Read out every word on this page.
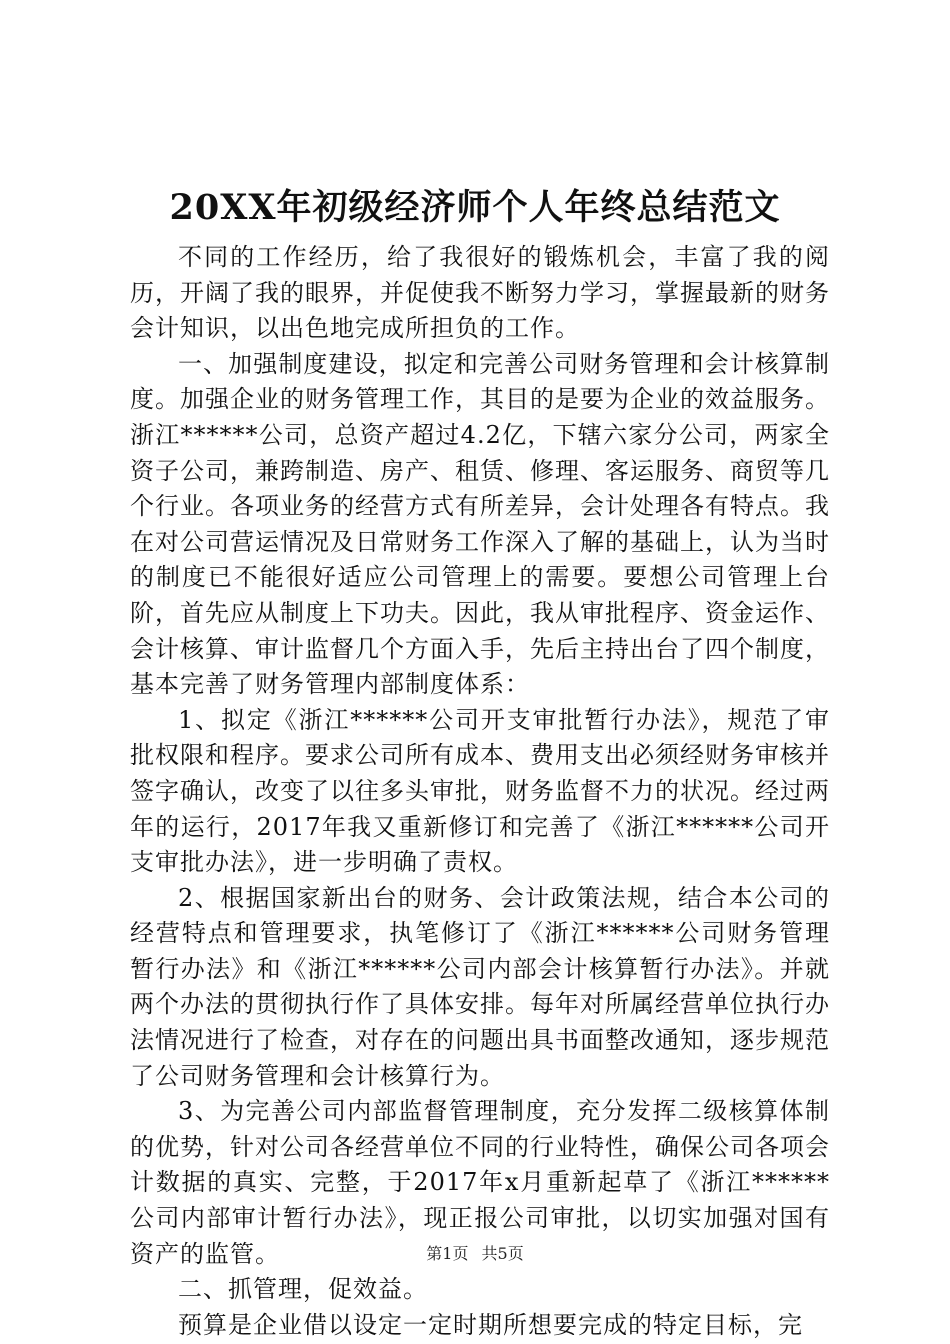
20XX年初级经济师个人年终总结范文

不同的工作经历，给了我很好的锻炼机会，丰富了我的阅历，开阔了我的眼界，并促使我不断努力学习，掌握最新的财务会计知识，以出色地完成所担负的工作。

一、加强制度建设，拟定和完善公司财务管理和会计核算制度。加强企业的财务管理工作，其目的是要为企业的效益服务。浙江******公司，总资产超过4.2亿，下辖六家分公司，两家全资子公司，兼跨制造、房产、租赁、修理、客运服务、商贸等几个行业。各项业务的经营方式有所差异，会计处理各有特点。我在对公司营运情况及日常财务工作深入了解的基础上，认为当时的制度已不能很好适应公司管理上的需要。要想公司管理上台阶，首先应从制度上下功夫。因此，我从审批程序、资金运作、会计核算、审计监督几个方面入手，先后主持出台了四个制度，基本完善了财务管理内部制度体系：

1、拟定《浙江******公司开支审批暂行办法》，规范了审批权限和程序。要求公司所有成本、费用支出必须经财务审核并签字确认，改变了以往多头审批，财务监督不力的状况。经过两年的运行，2017年我又重新修订和完善了《浙江******公司开支审批办法》，进一步明确了责权。

2、根据国家新出台的财务、会计政策法规，结合本公司的经营特点和管理要求，执笔修订了《浙江******公司财务管理暂行办法》和《浙江******公司内部会计核算暂行办法》。并就两个办法的贯彻执行作了具体安排。每年对所属经营单位执行办法情况进行了检查，对存在的问题出具书面整改通知，逐步规范了公司财务管理和会计核算行为。

3、为完善公司内部监督管理制度，充分发挥二级核算体制的优势，针对公司各经营单位不同的行业特性，确保公司各项会计数据的真实、完整，于2017年x月重新起草了《浙江******公司内部审计暂行办法》，现正报公司审批，以切实加强对国有资产的监管。

二、抓管理，促效益。

预算是企业借以设定一定时期所想要完成的特定目标，完

第1页 共5页
